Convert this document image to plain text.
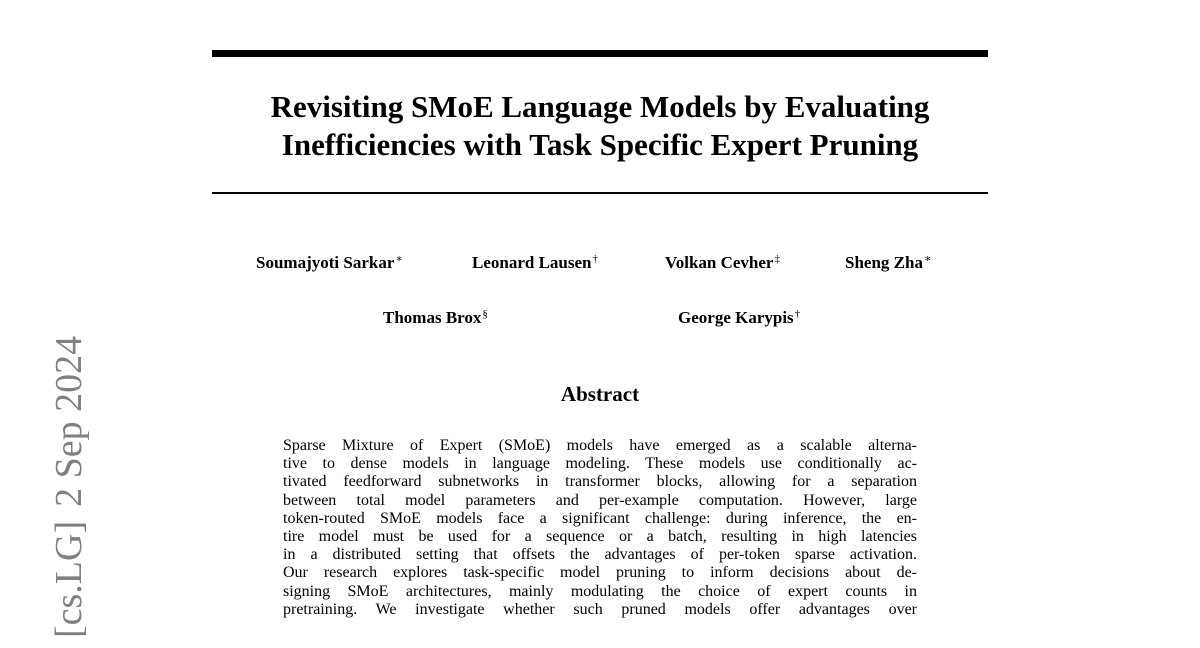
Revisiting SMoE Language Models by Evaluating
Inefficiencies with Task Specific Expert Pruning
Soumajyoti Sarkar∗	Leonard Lausen†	Volkan Cevher‡	Sheng Zha∗
Thomas Brox§	George Karypis†
Abstract
Sparse Mixture of Expert (SMoE) models have emerged as a scalable alterna-
tive to dense models in language modeling. These models use conditionally ac-
tivated feedforward subnetworks in transformer blocks, allowing for a separation
between total model parameters and per-example computation. However, large
token-routed SMoE models face a significant challenge: during inference, the en-
tire model must be used for a sequence or a batch, resulting in high latencies
in a distributed setting that offsets the advantages of per-token sparse activation.
Our research explores task-specific model pruning to inform decisions about de-
signing SMoE architectures, mainly modulating the choice of expert counts in
pretraining. We investigate whether such pruned models offer advantages over
[cs.LG]2 Sep 2024
